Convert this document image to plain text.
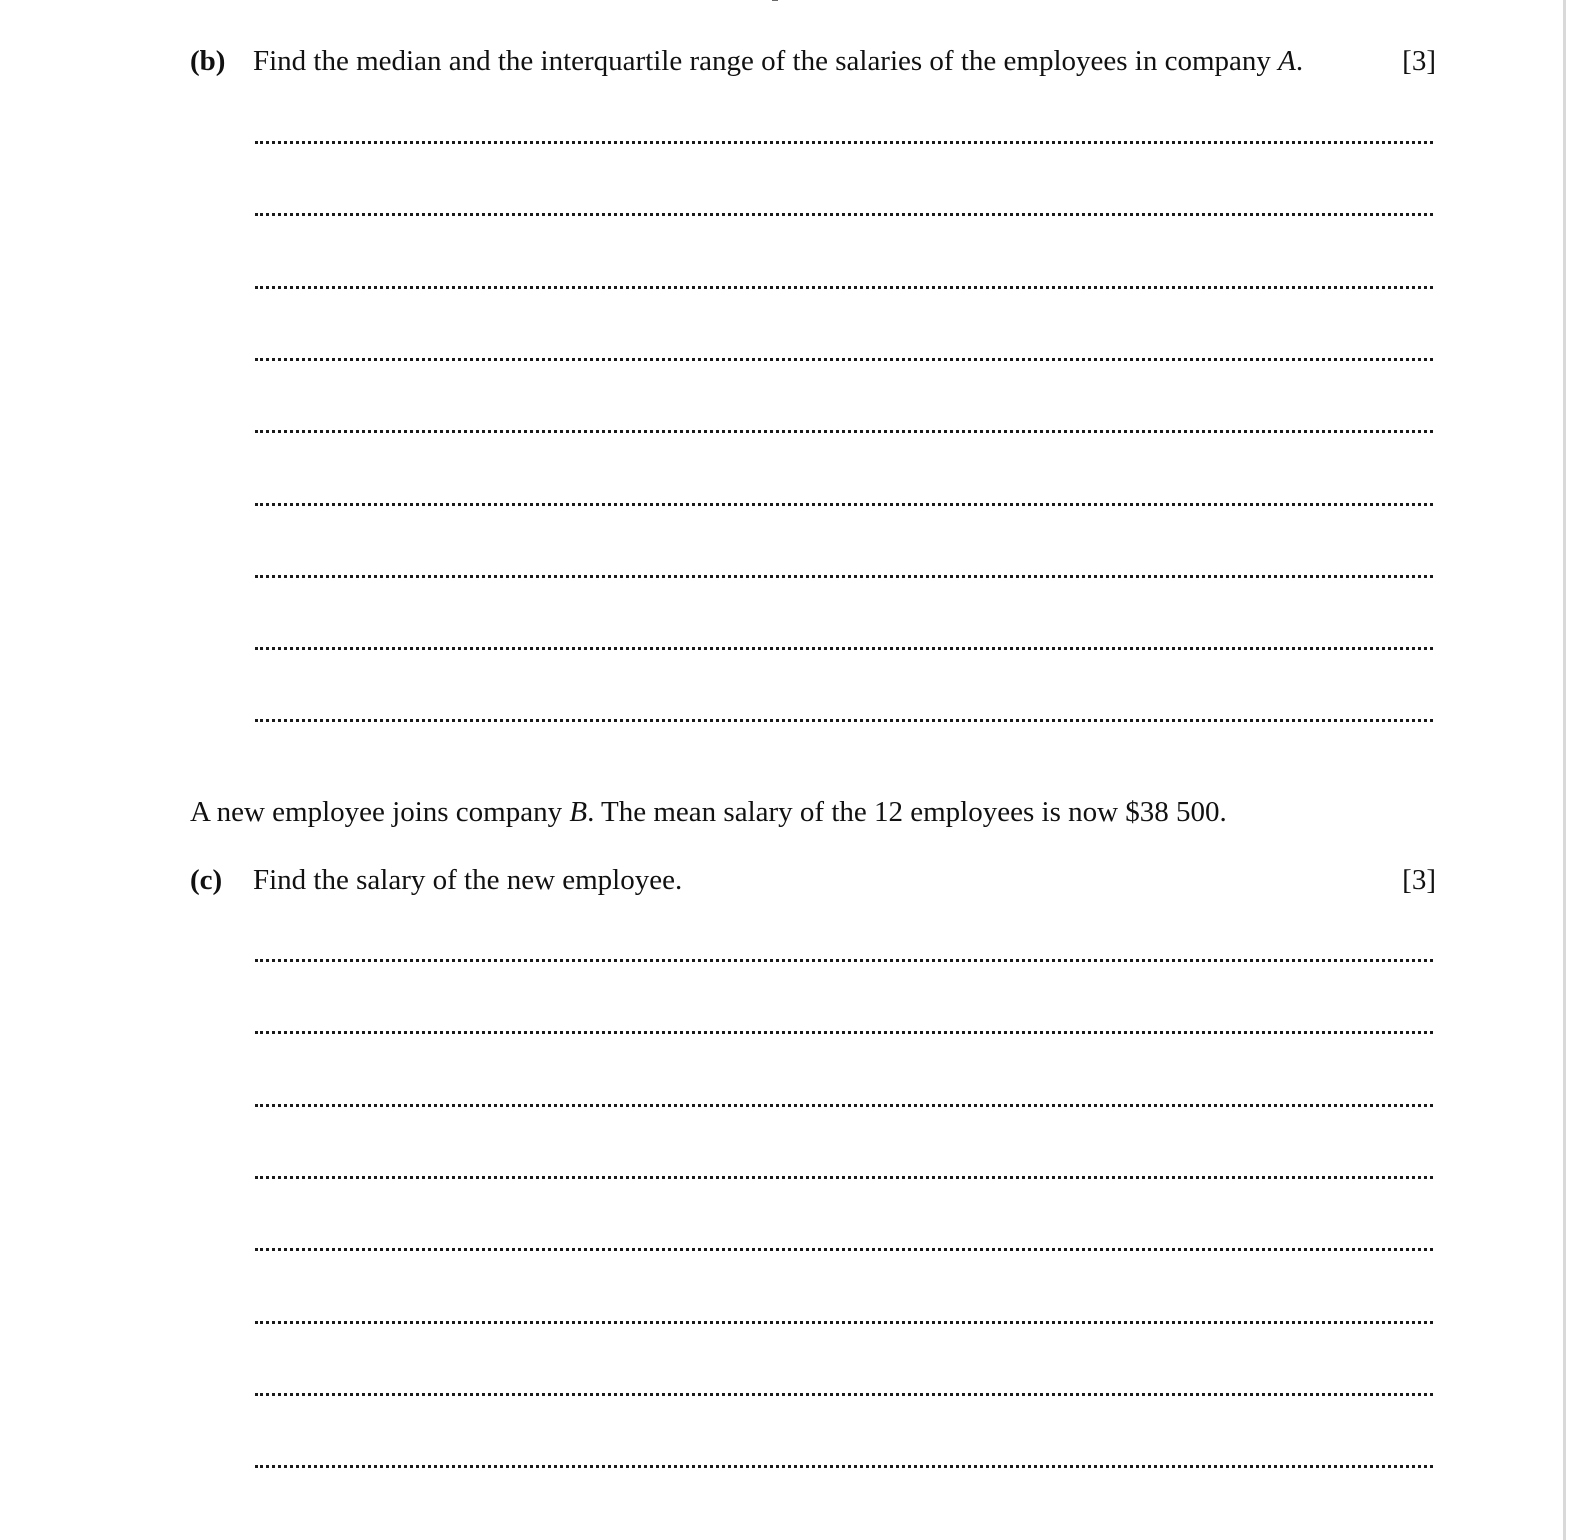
(b) Find the median and the interquartile range of the salaries of the employees in company A.	[3]
A new employee joins company B. The mean salary of the 12 employees is now $38 500.
(c) Find the salary of the new employee.	[3]
